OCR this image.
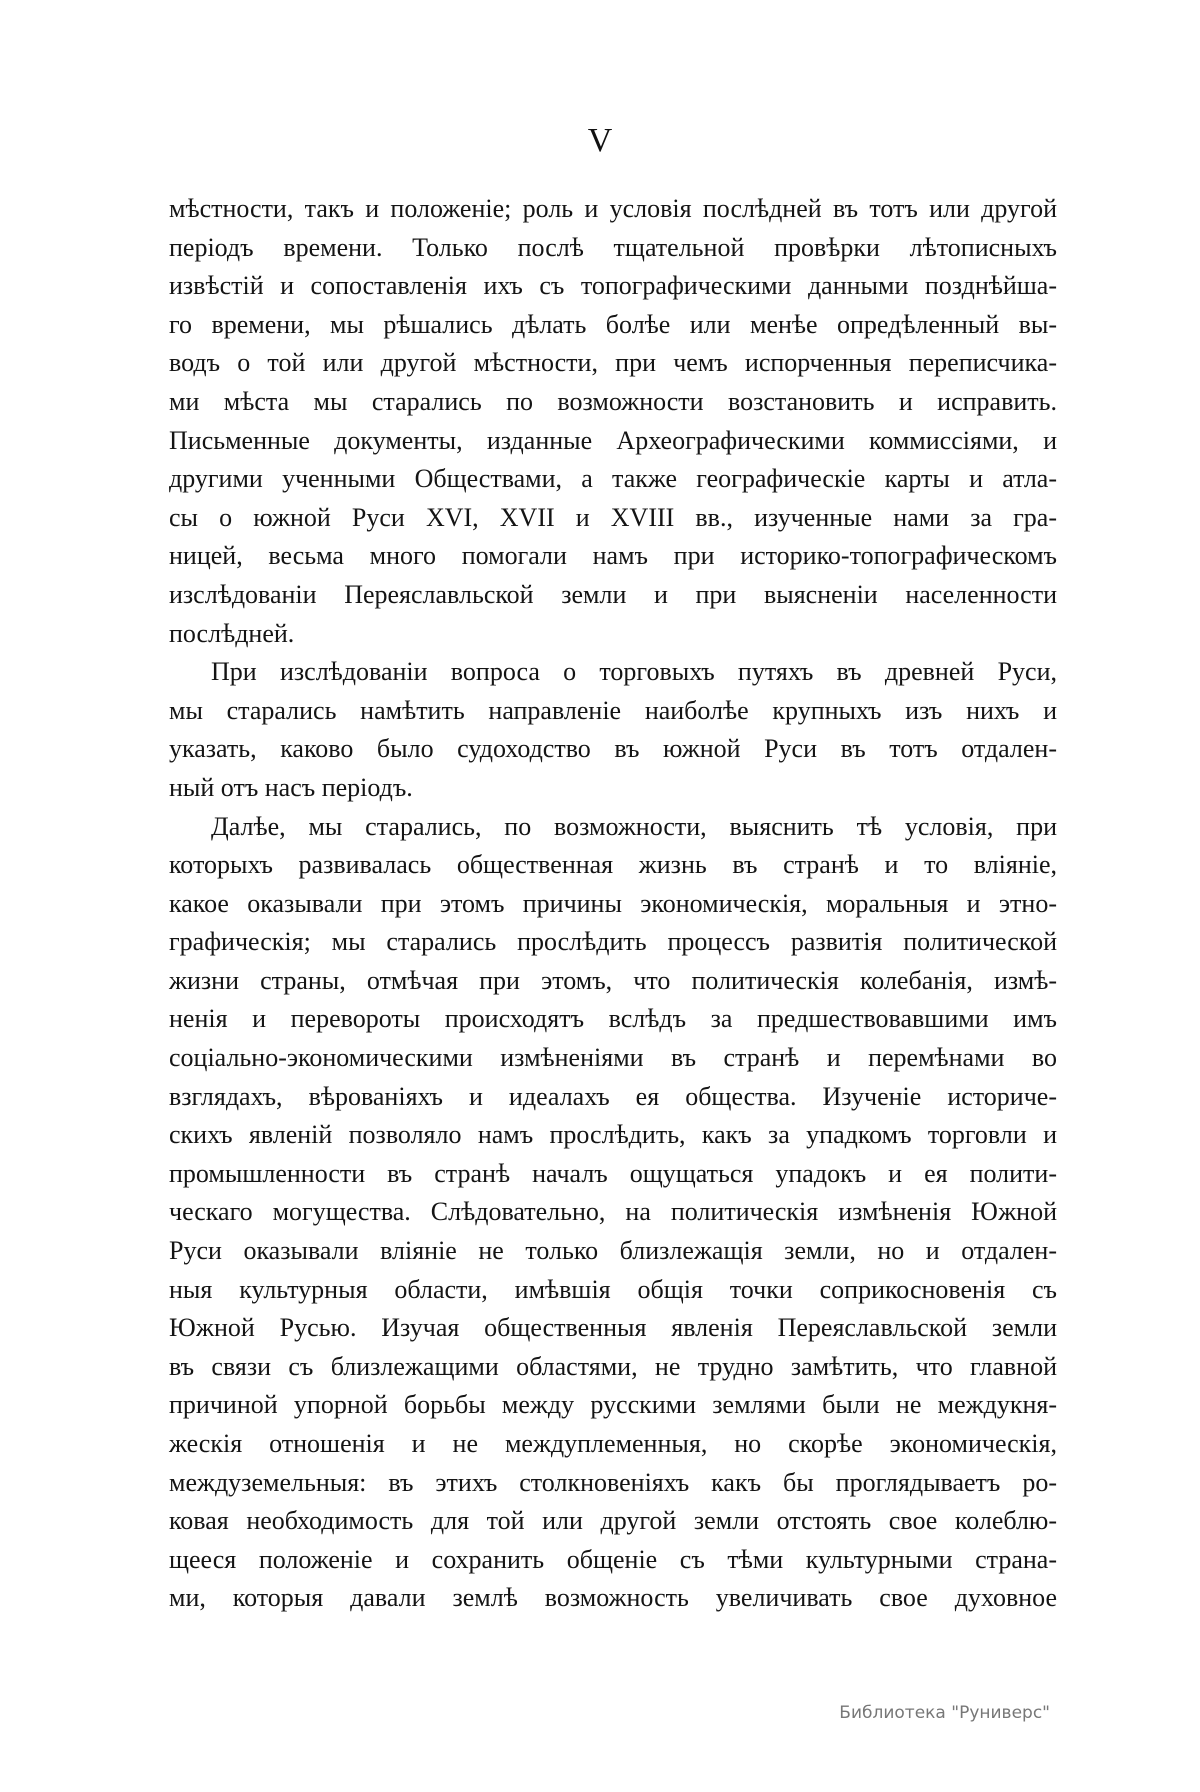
V
мѣстности, такъ и положеніе; роль и условія послѣдней въ тотъ или другой
періодъ времени. Только послѣ тщательной провѣрки лѣтописныхъ
извѣстій и сопоставленія ихъ съ топографическими данными позднѣйша-
го времени, мы рѣшались дѣлать болѣе или менѣе опредѣленный вы-
водъ о той или другой мѣстности, при чемъ испорченныя переписчика-
ми мѣста мы старались по возможности возстановить и исправить.
Письменные документы, изданные Археографическими коммиссіями, и
другими ученными Обществами, а также географическіе карты и атла-
сы о южной Руси XVI, XVII и XVIII вв., изученные нами за гра-
ницей, весьма много помогали намъ при историко-топографическомъ
изслѣдованіи Переяславльской земли и при выясненіи населенности
послѣдней.
При изслѣдованіи вопроса о торговыхъ путяхъ въ древней Руси,
мы старались намѣтить направленіе наиболѣе крупныхъ изъ нихъ и
указать, каково было судоходство въ южной Руси въ тотъ отдален-
ный отъ насъ періодъ.
Далѣе, мы старались, по возможности, выяснить тѣ условія, при
которыхъ развивалась общественная жизнь въ странѣ и то вліяніе,
какое оказывали при этомъ причины экономическія, моральныя и этно-
графическія; мы старались прослѣдить процессъ развитія политической
жизни страны, отмѣчая при этомъ, что политическія колебанія, измѣ-
ненія и перевороты происходятъ вслѣдъ за предшествовавшими имъ
соціально-экономическими измѣненіями въ странѣ и перемѣнами во
взглядахъ, вѣрованіяхъ и идеалахъ ея общества. Изученіе историче-
скихъ явленій позволяло намъ прослѣдить, какъ за упадкомъ торговли и
промышленности въ странѣ началъ ощущаться упадокъ и ея полити-
ческаго могущества. Слѣдовательно, на политическія измѣненія Южной
Руси оказывали вліяніе не только близлежащія земли, но и отдален-
ныя культурныя области, имѣвшія общія точки соприкосновенія съ
Южной Русью. Изучая общественныя явленія Переяславльской земли
въ связи съ близлежащими областями, не трудно замѣтить, что главной
причиной упорной борьбы между русскими землями были не междукня-
жескія отношенія и не междуплеменныя, но скорѣе экономическія,
междуземельныя: въ этихъ столкновеніяхъ какъ бы проглядываетъ ро-
ковая необходимость для той или другой земли отстоять свое колеблю-
щееся положеніе и сохранить общеніе съ тѣми культурными страна-
ми, которыя давали землѣ возможность увеличивать свое духовное
Библиотека "Руниверс"
